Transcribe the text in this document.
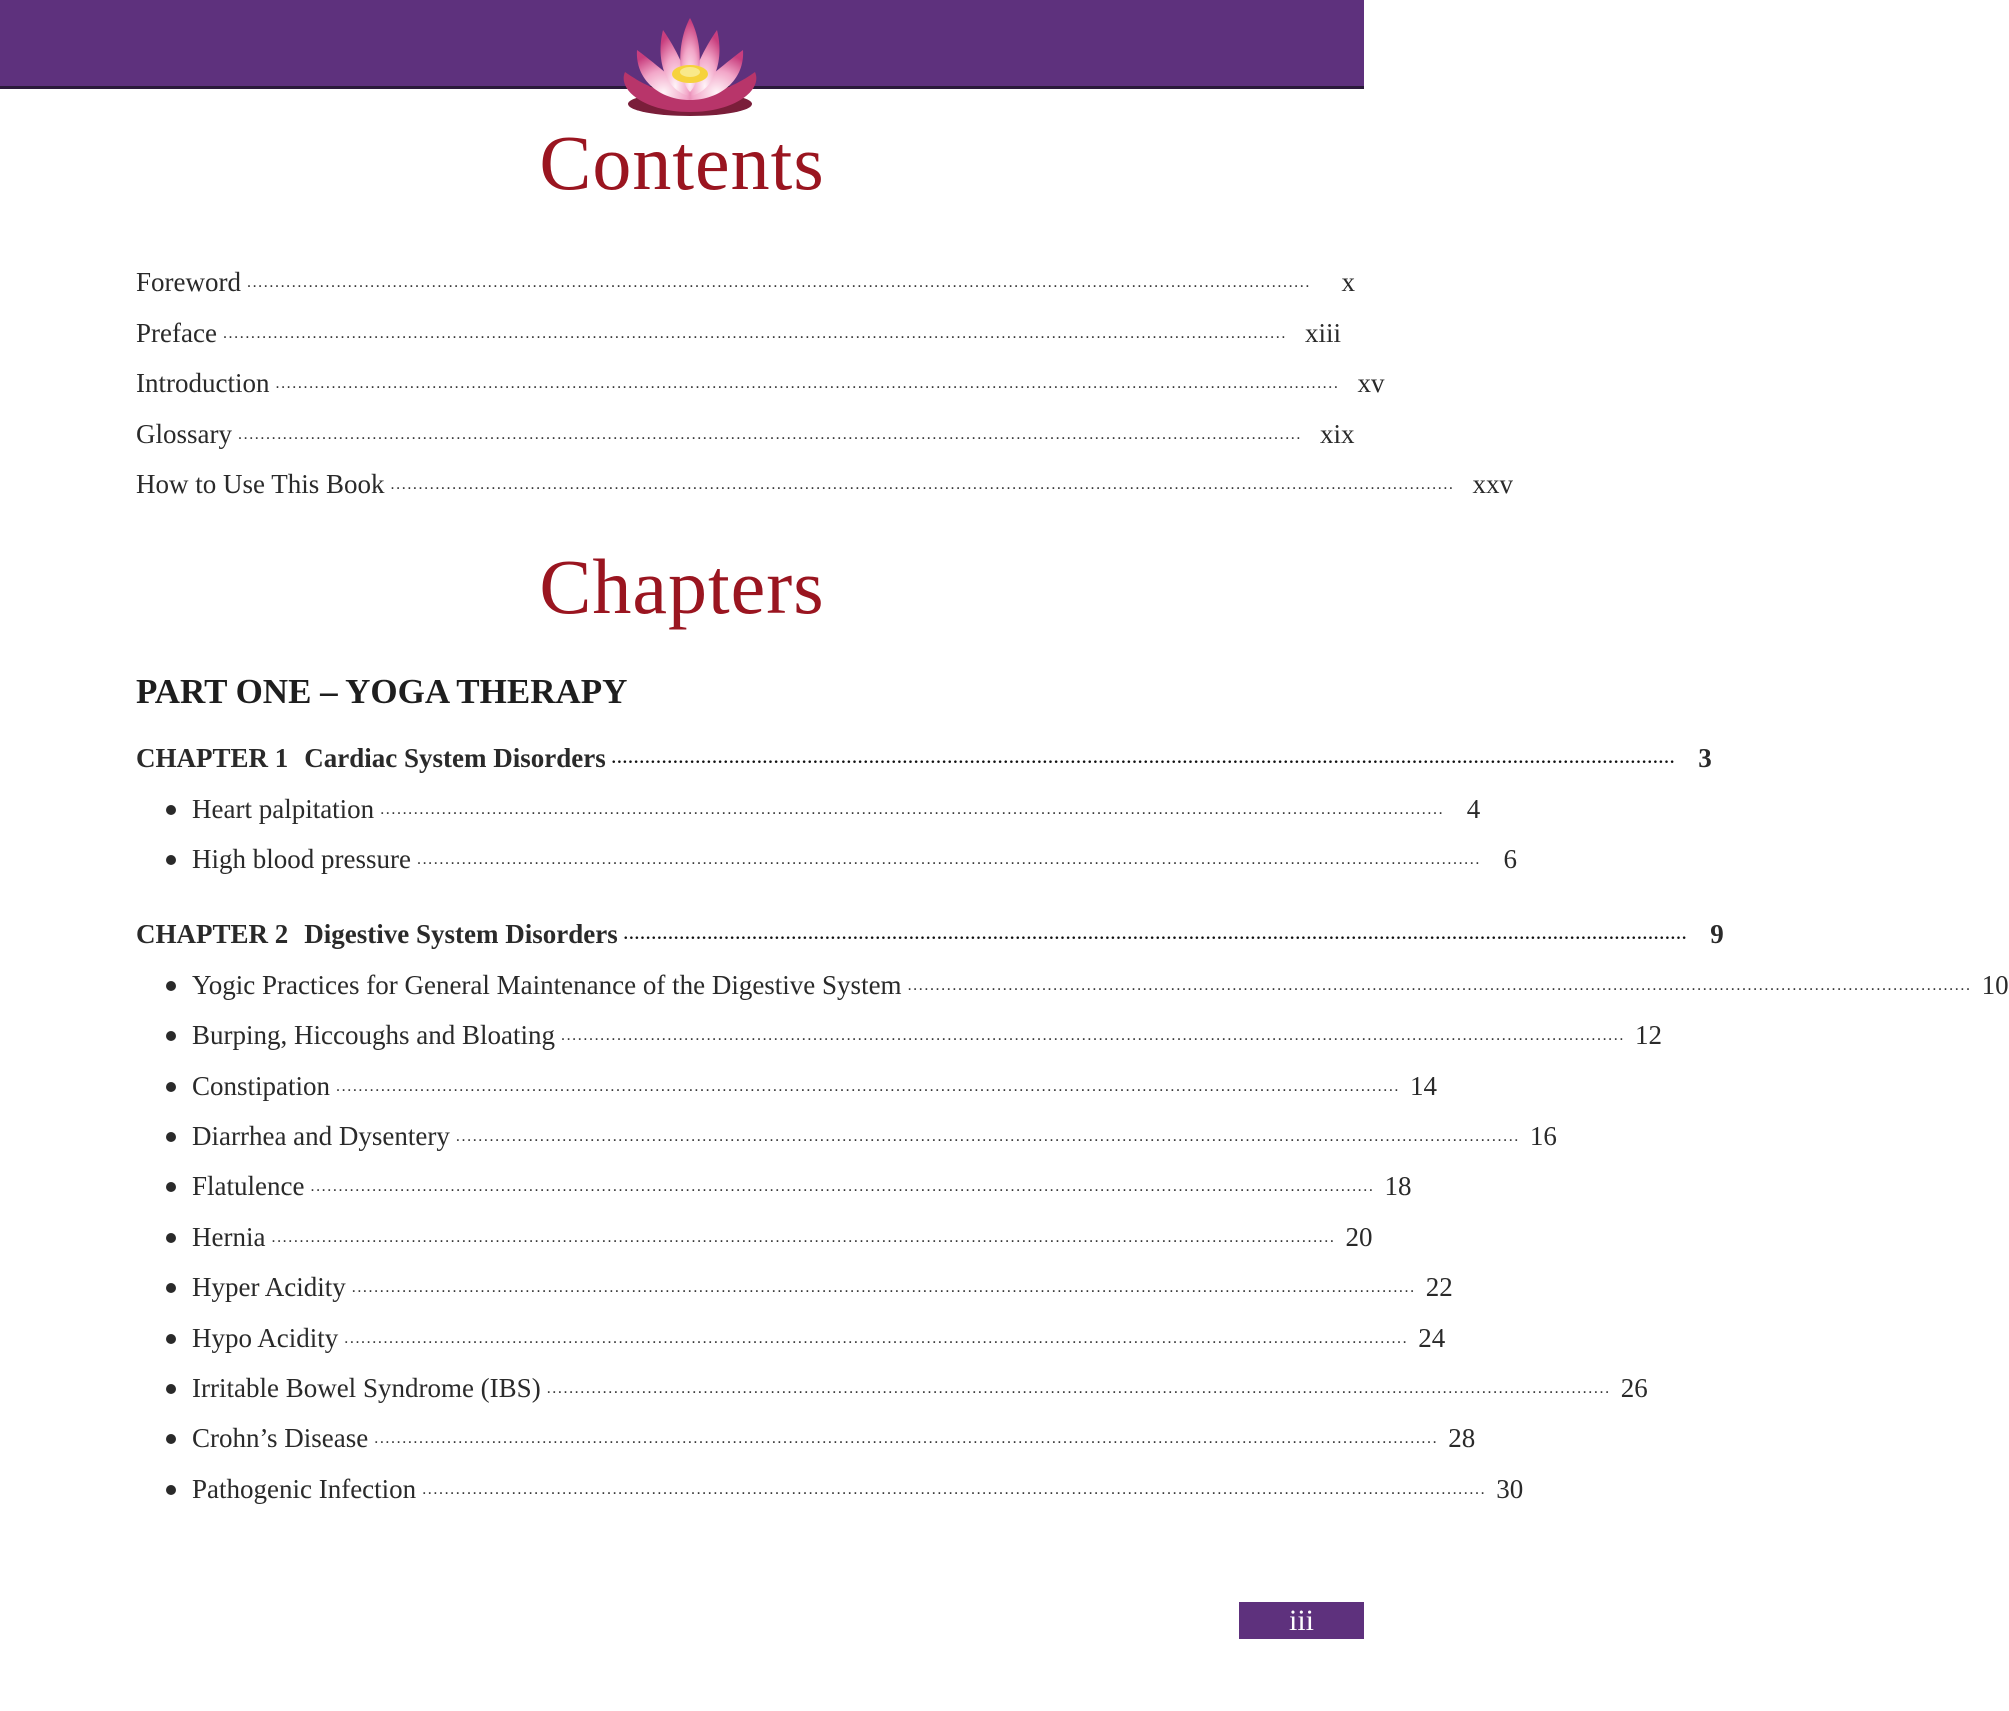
Contents
Foreword ..............................................................................................................................................................................................	x
Preface .............................................................................................................................................................................................. xiii
Introduction .............................................................................................................................................................................................. xv
Glossary .............................................................................................................................................................................................. xix
How to Use This Book .............................................................................................................................................................................................. xxv
Chapters
PART ONE – YOGA THERAPY
CHAPTER 1 Cardiac System Disorders .............................................................................................................................................................................................. 3
Heart palpitation .............................................................................................................................................................................................. 4
High blood pressure .............................................................................................................................................................................................. 6
CHAPTER 2 Digestive System Disorders .............................................................................................................................................................................................. 9
Yogic Practices for General Maintenance of the Digestive System .............................................................................................................................................................................................. 10
Burping, Hiccoughs and Bloating .............................................................................................................................................................................................. 12
Constipation .............................................................................................................................................................................................. 14
Diarrhea and Dysentery .............................................................................................................................................................................................. 16
Flatulence .............................................................................................................................................................................................. 18
Hernia .............................................................................................................................................................................................. 20
Hyper Acidity .............................................................................................................................................................................................. 22
Hypo Acidity .............................................................................................................................................................................................. 24
Irritable Bowel Syndrome (IBS) .............................................................................................................................................................................................. 26
Crohn’s Disease .............................................................................................................................................................................................. 28
Pathogenic Infection .............................................................................................................................................................................................. 30
iii
